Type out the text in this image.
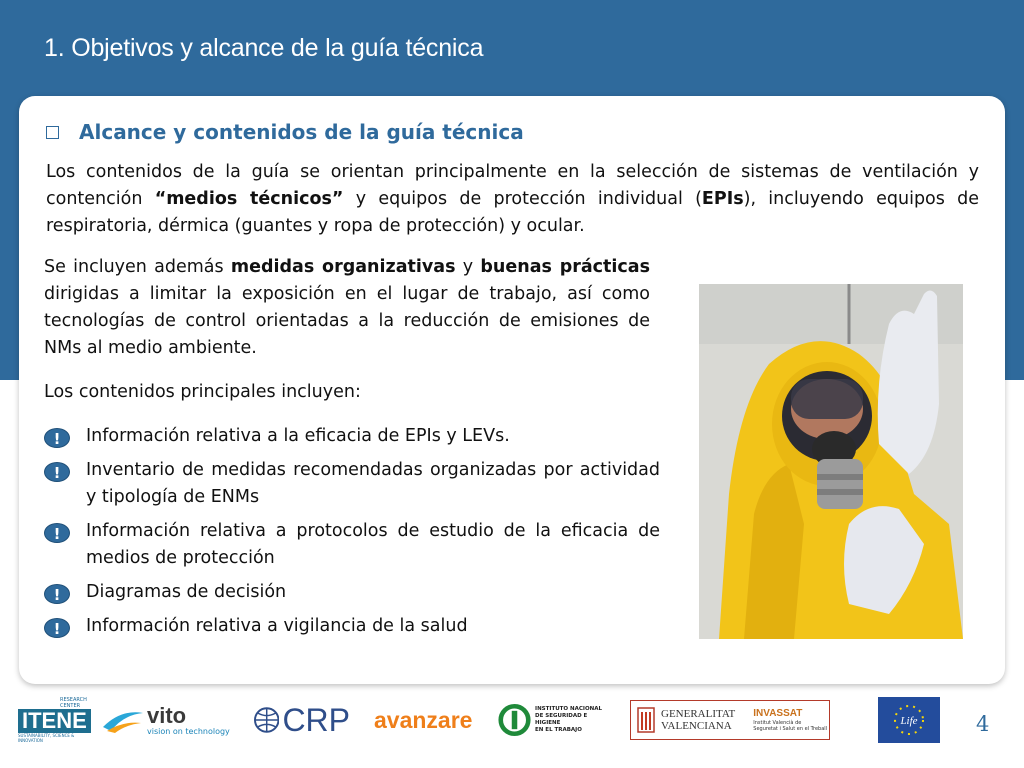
1. Objetivos y alcance de la guía técnica
Alcance y contenidos de la guía técnica

Los contenidos de la guía se orientan principalmente en la selección de sistemas de ventilación y contención “medios técnicos” y equipos de protección individual (EPIs), incluyendo equipos de respiratoria, dérmica (guantes y ropa de protección) y ocular.

Se incluyen además medidas organizativas y buenas prácticas dirigidas a limitar la exposición en el lugar de trabajo, así como tecnologías de control orientadas a la reducción de emisiones de NMs al medio ambiente.

Los contenidos principales incluyen:

!	Información relativa a la eficacia de EPIs y LEVs.
!	Inventario de medidas recomendadas organizadas por actividad y tipología de ENMs
!	Información relativa a protocolos de estudio de la eficacia de medios de protección
!	Diagramas de decisión
!	Información relativa a vigilancia de la salud
RESEARCH CENTER
ITENE
SUSTAINABILITY, SCIENCE & INNOVATION
vito
vision on technology CRP avanzare	INSTITUTO NACIONAL
DE SEGURIDAD E HIGIENE
EN EL TRABAJO
GENERALITAT
VALENCIANA
INVASSAT
Institut Valencià de
Seguretat i Salut en el Treball
Life	4
